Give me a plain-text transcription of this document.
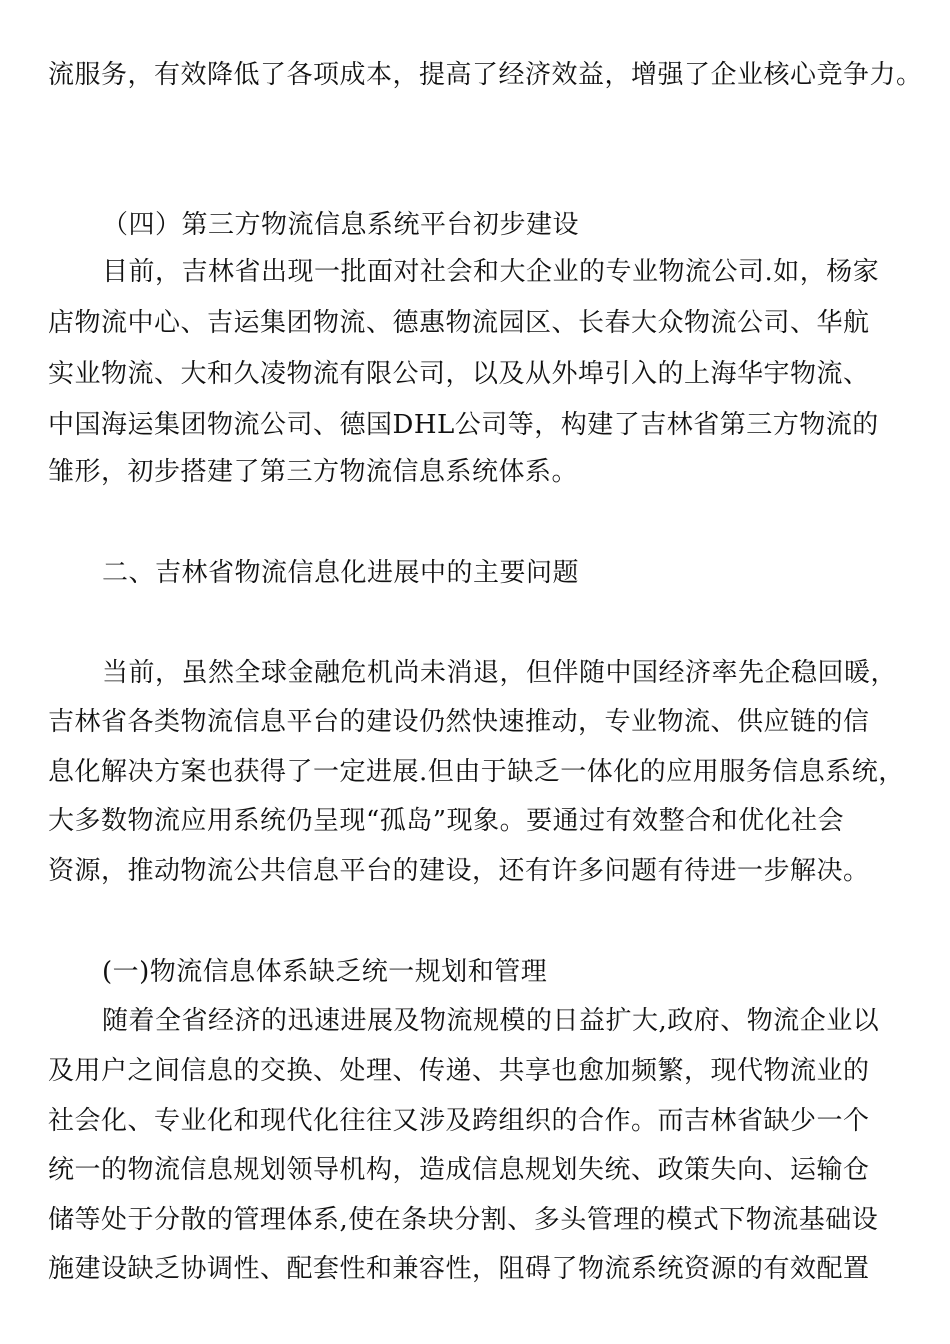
流服务，有效降低了各项成本，提高了经济效益，增强了企业核心竞争力。
（四）第三方物流信息系统平台初步建设
目前，吉林省出现一批面对社会和大企业的专业物流公司.如，杨家
店物流中心、吉运集团物流、德惠物流园区、长春大众物流公司、华航
实业物流、大和久凌物流有限公司，以及从外埠引入的上海华宇物流、
中国海运集团物流公司、德国DHL公司等，构建了吉林省第三方物流的
雏形，初步搭建了第三方物流信息系统体系。
二、吉林省物流信息化进展中的主要问题
当前，虽然全球金融危机尚未消退，但伴随中国经济率先企稳回暖，
吉林省各类物流信息平台的建设仍然快速推动，专业物流、供应链的信
息化解决方案也获得了一定进展.但由于缺乏一体化的应用服务信息系统，
大多数物流应用系统仍呈现“孤岛”现象。要通过有效整合和优化社会
资源，推动物流公共信息平台的建设，还有许多问题有待进一步解决。
(一)物流信息体系缺乏统一规划和管理
随着全省经济的迅速进展及物流规模的日益扩大,政府、物流企业以
及用户之间信息的交换、处理、传递、共享也愈加频繁，现代物流业的
社会化、专业化和现代化往往又涉及跨组织的合作。而吉林省缺少一个
统一的物流信息规划领导机构，造成信息规划失统、政策失向、运输仓
储等处于分散的管理体系,使在条块分割、多头管理的模式下物流基础设
施建设缺乏协调性、配套性和兼容性，阻碍了物流系统资源的有效配置
